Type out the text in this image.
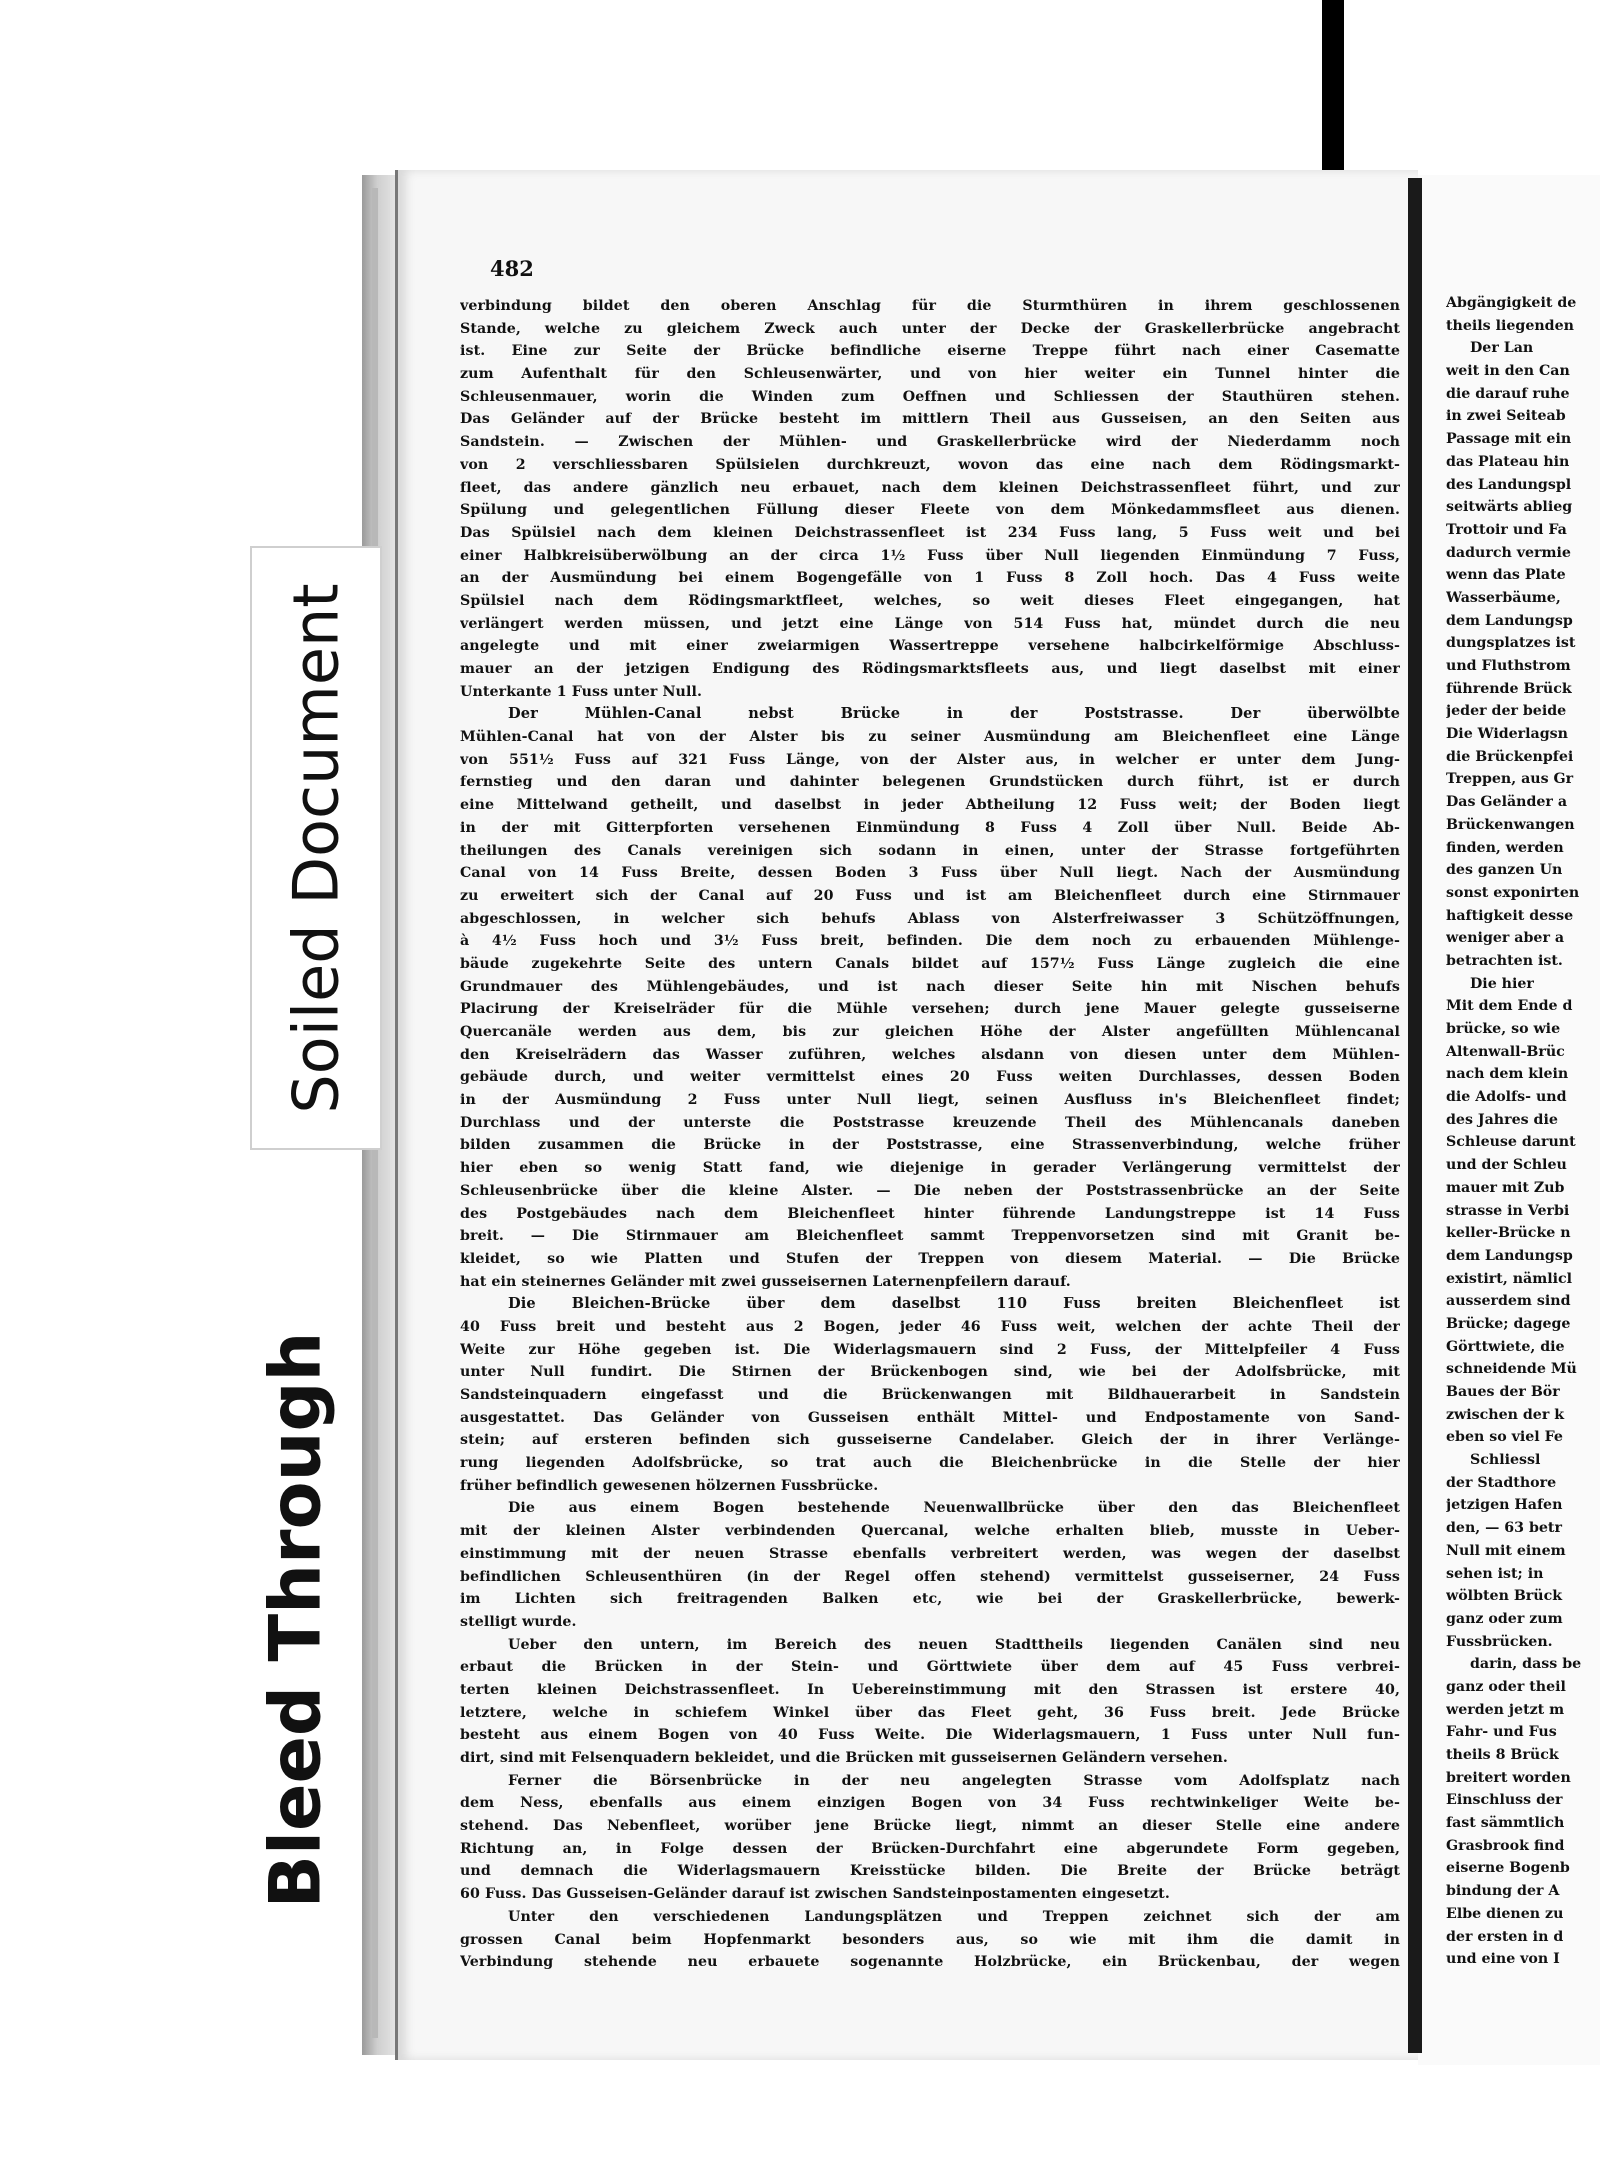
482
verbindung bildet den oberen Anschlag für die Sturmthüren in ihrem geschlossenen
Stande, welche zu gleichem Zweck auch unter der Decke der Graskellerbrücke angebracht
ist. Eine zur Seite der Brücke befindliche eiserne Treppe führt nach einer Casematte
zum Aufenthalt für den Schleusenwärter, und von hier weiter ein Tunnel hinter die
Schleusenmauer, worin die Winden zum Oeffnen und Schliessen der Stauthüren stehen.
Das Geländer auf der Brücke besteht im mittlern Theil aus Gusseisen, an den Seiten aus
Sandstein. — Zwischen der Mühlen- und Graskellerbrücke wird der Niederdamm noch
von 2 verschliessbaren Spülsielen durchkreuzt, wovon das eine nach dem Rödingsmarkt-
fleet, das andere gänzlich neu erbauet, nach dem kleinen Deichstrassenfleet führt, und zur
Spülung und gelegentlichen Füllung dieser Fleete von dem Mönkedammsfleet aus dienen.
Das Spülsiel nach dem kleinen Deichstrassenfleet ist 234 Fuss lang, 5 Fuss weit und bei
einer Halbkreisüberwölbung an der circa 1½ Fuss über Null liegenden Einmündung 7 Fuss,
an der Ausmündung bei einem Bogengefälle von 1 Fuss 8 Zoll hoch. Das 4 Fuss weite
Spülsiel nach dem Rödingsmarktfleet, welches, so weit dieses Fleet eingegangen, hat
verlängert werden müssen, und jetzt eine Länge von 514 Fuss hat, mündet durch die neu
angelegte und mit einer zweiarmigen Wassertreppe versehene halbcirkelförmige Abschluss-
mauer an der jetzigen Endigung des Rödingsmarktsfleets aus, und liegt daselbst mit einer
Unterkante 1 Fuss unter Null.
Der Mühlen-Canal nebst Brücke in der Poststrasse. Der überwölbte
Mühlen-Canal hat von der Alster bis zu seiner Ausmündung am Bleichenfleet eine Länge
von 551½ Fuss auf 321 Fuss Länge, von der Alster aus, in welcher er unter dem Jung-
fernstieg und den daran und dahinter belegenen Grundstücken durch führt, ist er durch
eine Mittelwand getheilt, und daselbst in jeder Abtheilung 12 Fuss weit; der Boden liegt
in der mit Gitterpforten versehenen Einmündung 8 Fuss 4 Zoll über Null. Beide Ab-
theilungen des Canals vereinigen sich sodann in einen, unter der Strasse fortgeführten
Canal von 14 Fuss Breite, dessen Boden 3 Fuss über Null liegt. Nach der Ausmündung
zu erweitert sich der Canal auf 20 Fuss und ist am Bleichenfleet durch eine Stirnmauer
abgeschlossen, in welcher sich behufs Ablass von Alsterfreiwasser 3 Schützöffnungen,
à 4½ Fuss hoch und 3½ Fuss breit, befinden. Die dem noch zu erbauenden Mühlenge-
bäude zugekehrte Seite des untern Canals bildet auf 157½ Fuss Länge zugleich die eine
Grundmauer des Mühlengebäudes, und ist nach dieser Seite hin mit Nischen behufs
Placirung der Kreiselräder für die Mühle versehen; durch jene Mauer gelegte gusseiserne
Quercanäle werden aus dem, bis zur gleichen Höhe der Alster angefüllten Mühlencanal
den Kreiselrädern das Wasser zuführen, welches alsdann von diesen unter dem Mühlen-
gebäude durch, und weiter vermittelst eines 20 Fuss weiten Durchlasses, dessen Boden
in der Ausmündung 2 Fuss unter Null liegt, seinen Ausfluss in's Bleichenfleet findet;
Durchlass und der unterste die Poststrasse kreuzende Theil des Mühlencanals daneben
bilden zusammen die Brücke in der Poststrasse, eine Strassenverbindung, welche früher
hier eben so wenig Statt fand, wie diejenige in gerader Verlängerung vermittelst der
Schleusenbrücke über die kleine Alster. — Die neben der Poststrassenbrücke an der Seite
des Postgebäudes nach dem Bleichenfleet hinter führende Landungstreppe ist 14 Fuss
breit. — Die Stirnmauer am Bleichenfleet sammt Treppenvorsetzen sind mit Granit be-
kleidet, so wie Platten und Stufen der Treppen von diesem Material. — Die Brücke
hat ein steinernes Geländer mit zwei gusseisernen Laternenpfeilern darauf.
Die Bleichen-Brücke über dem daselbst 110 Fuss breiten Bleichenfleet ist
40 Fuss breit und besteht aus 2 Bogen, jeder 46 Fuss weit, welchen der achte Theil der
Weite zur Höhe gegeben ist. Die Widerlagsmauern sind 2 Fuss, der Mittelpfeiler 4 Fuss
unter Null fundirt. Die Stirnen der Brückenbogen sind, wie bei der Adolfsbrücke, mit
Sandsteinquadern eingefasst und die Brückenwangen mit Bildhauerarbeit in Sandstein
ausgestattet. Das Geländer von Gusseisen enthält Mittel- und Endpostamente von Sand-
stein; auf ersteren befinden sich gusseiserne Candelaber. Gleich der in ihrer Verlänge-
rung liegenden Adolfsbrücke, so trat auch die Bleichenbrücke in die Stelle der hier
früher befindlich gewesenen hölzernen Fussbrücke.
Die aus einem Bogen bestehende Neuenwallbrücke über den das Bleichenfleet
mit der kleinen Alster verbindenden Quercanal, welche erhalten blieb, musste in Ueber-
einstimmung mit der neuen Strasse ebenfalls verbreitert werden, was wegen der daselbst
befindlichen Schleusenthüren (in der Regel offen stehend) vermittelst gusseiserner, 24 Fuss
im Lichten sich freitragenden Balken etc, wie bei der Graskellerbrücke, bewerk-
stelligt wurde.
Ueber den untern, im Bereich des neuen Stadttheils liegenden Canälen sind neu
erbaut die Brücken in der Stein- und Görttwiete über dem auf 45 Fuss verbrei-
terten kleinen Deichstrassenfleet. In Uebereinstimmung mit den Strassen ist erstere 40,
letztere, welche in schiefem Winkel über das Fleet geht, 36 Fuss breit. Jede Brücke
besteht aus einem Bogen von 40 Fuss Weite. Die Widerlagsmauern, 1 Fuss unter Null fun-
dirt, sind mit Felsenquadern bekleidet, und die Brücken mit gusseisernen Geländern versehen.
Ferner die Börsenbrücke in der neu angelegten Strasse vom Adolfsplatz nach
dem Ness, ebenfalls aus einem einzigen Bogen von 34 Fuss rechtwinkeliger Weite be-
stehend. Das Nebenfleet, worüber jene Brücke liegt, nimmt an dieser Stelle eine andere
Richtung an, in Folge dessen der Brücken-Durchfahrt eine abgerundete Form gegeben,
und demnach die Widerlagsmauern Kreisstücke bilden. Die Breite der Brücke beträgt
60 Fuss. Das Gusseisen-Geländer darauf ist zwischen Sandsteinpostamenten eingesetzt.
Unter den verschiedenen Landungsplätzen und Treppen zeichnet sich der am
grossen Canal beim Hopfenmarkt besonders aus, so wie mit ihm die damit in
Verbindung stehende neu erbauete sogenannte Holzbrücke, ein Brückenbau, der wegen
Abgängigkeit de
theils liegenden
Der Lan
weit in den Can
die darauf ruhe
in zwei Seiteab
Passage mit ein
das Plateau hin
des Landungspl
seitwärts ablieg
Trottoir und Fa
dadurch vermie
wenn das Plate
Wasserbäume,
dem Landungsp
dungsplatzes ist
und Fluthstrom
führende Brück
jeder der beide
Die Widerlagsn
die Brückenpfei
Treppen, aus Gr
Das Geländer a
Brückenwangen
finden, werden
des ganzen Un
sonst exponirten
haftigkeit desse
weniger aber a
betrachten ist.
Die hier
Mit dem Ende d
brücke, so wie
Altenwall-Brüc
nach dem klein
die Adolfs- und
des Jahres die
Schleuse darunt
und der Schleu
mauer mit Zub
strasse in Verbi
keller-Brücke n
dem Landungsp
existirt, nämlicl
ausserdem sind
Brücke; dagege
Görttwiete, die
schneidende Mü
Baues der Bör
zwischen der k
eben so viel Fe
Schliessl
der Stadthore
jetzigen Hafen
den, — 63 betr
Null mit einem
sehen ist; in
wölbten Brück
ganz oder zum
Fussbrücken.
darin, dass be
ganz oder theil
werden jetzt m
Fahr- und Fus
theils 8 Brück
breitert worden
Einschluss der
fast sämmtlich
Grasbrook find
eiserne Bogenb
bindung der A
Elbe dienen zu
der ersten in d
und eine von I
Soiled Document
Bleed Through
